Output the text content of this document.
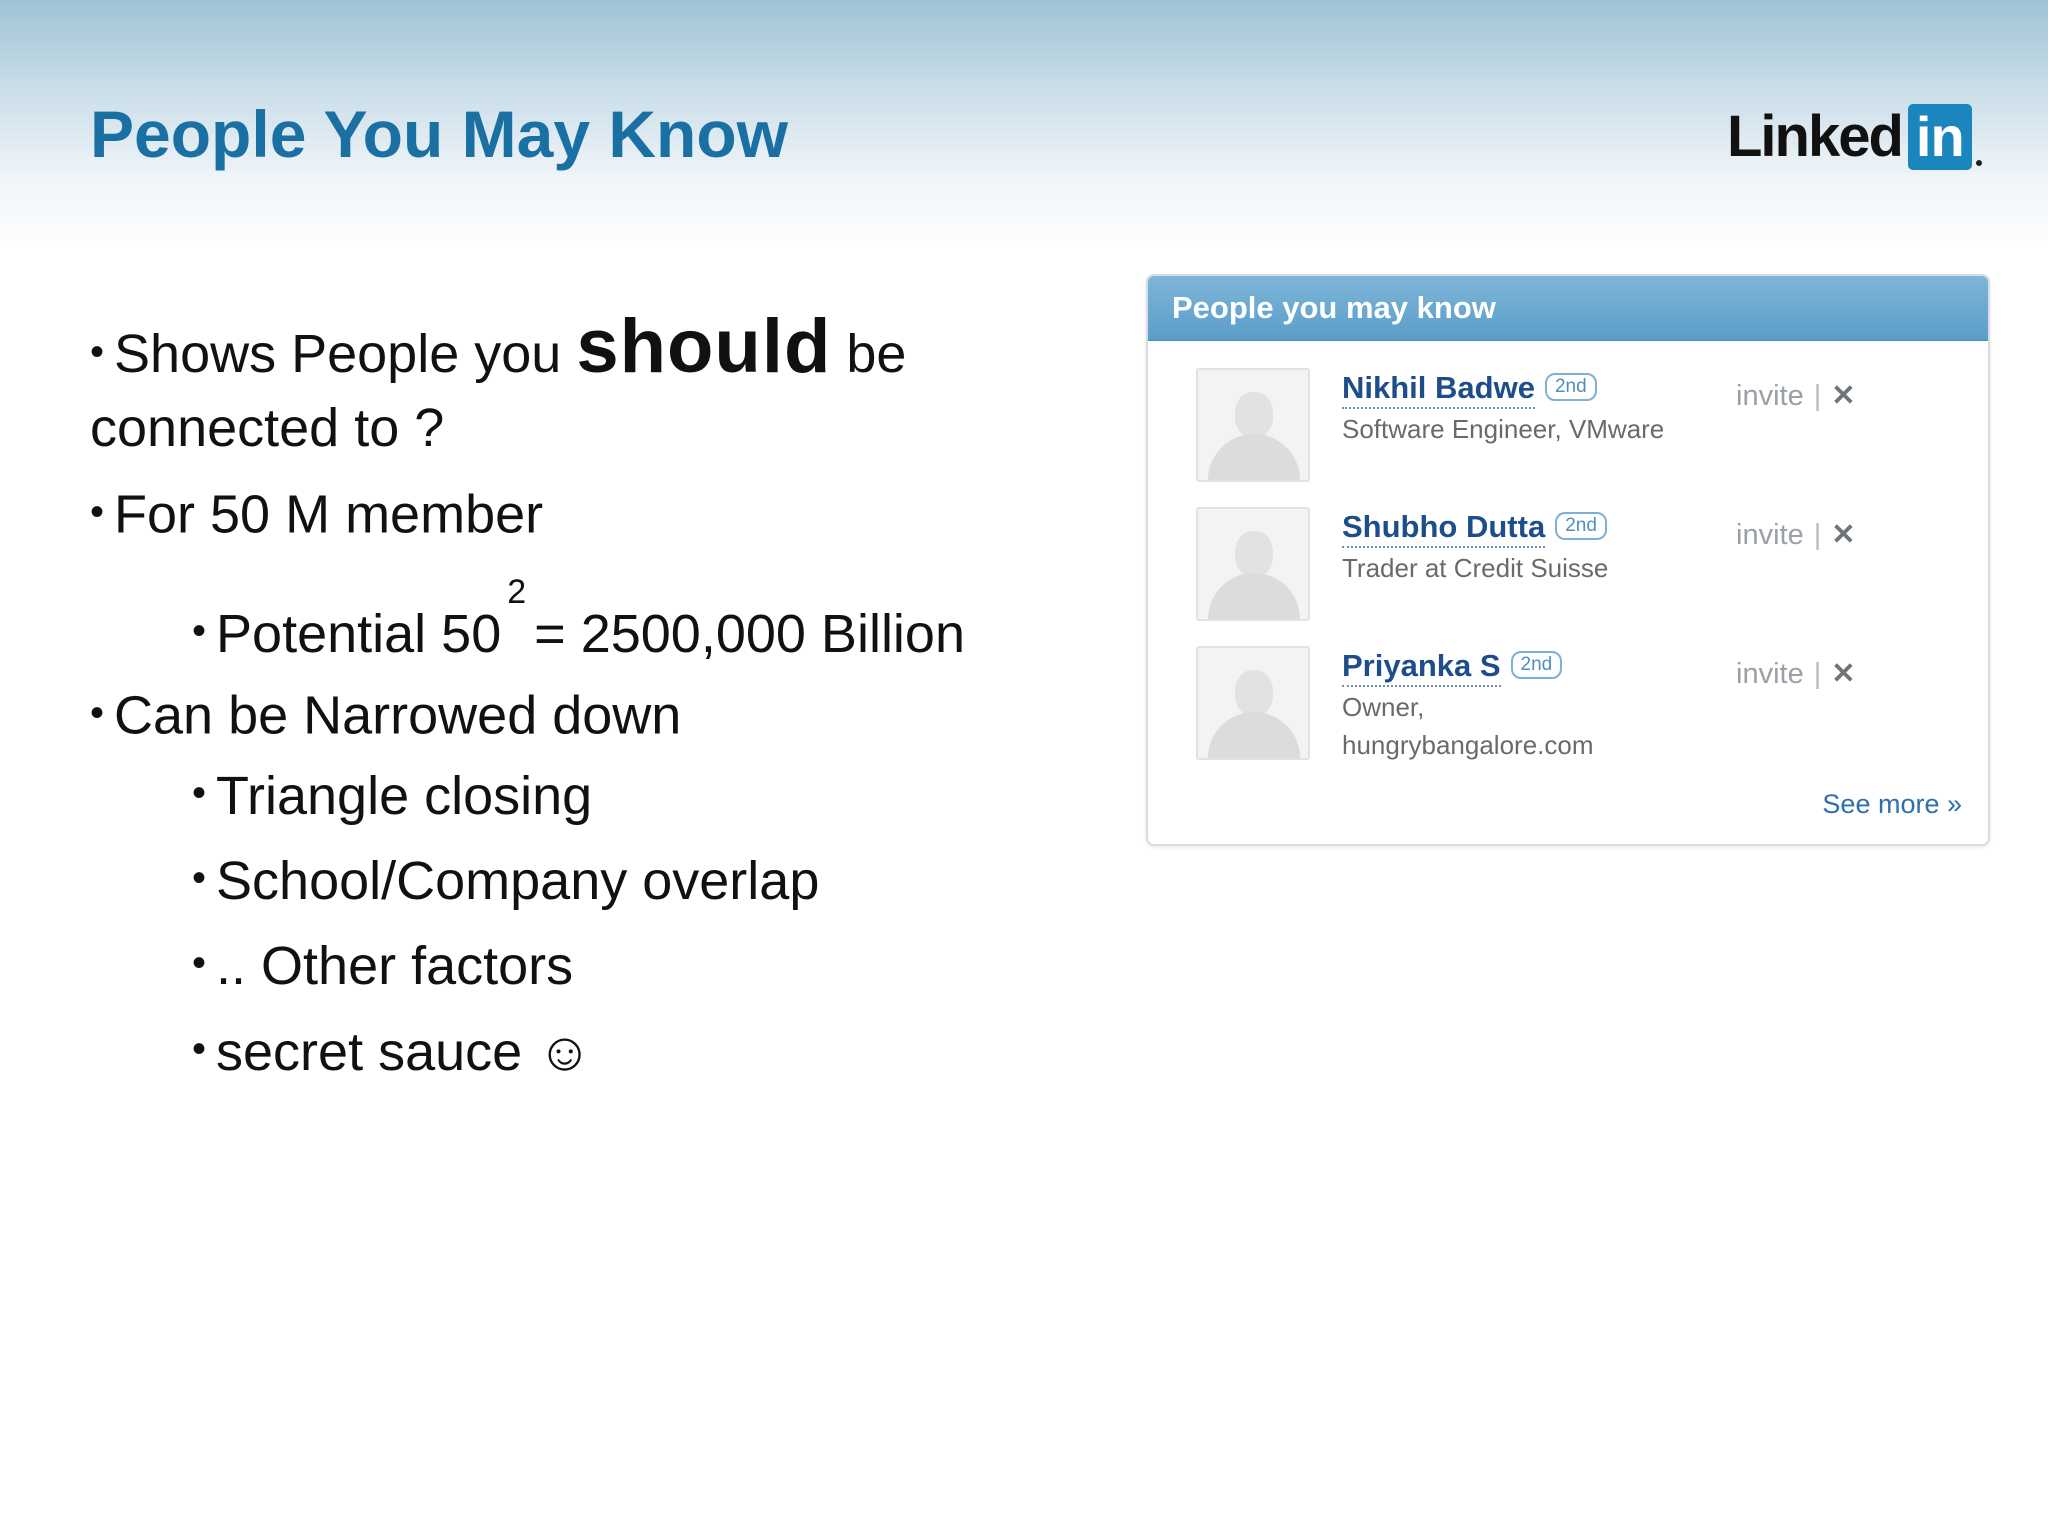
People You May Know	Linked in

• Shows People you should be

connected to ?

• For 50 M member

• Potential $50^2= 2500,000$ Billion

• Can be Narrowed down

• Triangle closing

• School/Company overlap

• .. Other factors

• secret sauce ☺

People you may know
Nikhil Badwe 2nd
Software Engineer, VMware
invite | ✕
Shubho Dutta 2nd
Trader at Credit Suisse
invite | ✕
Priyanka S 2nd
Owner,
hungrybangalore.com
invite | ✕
See more »
